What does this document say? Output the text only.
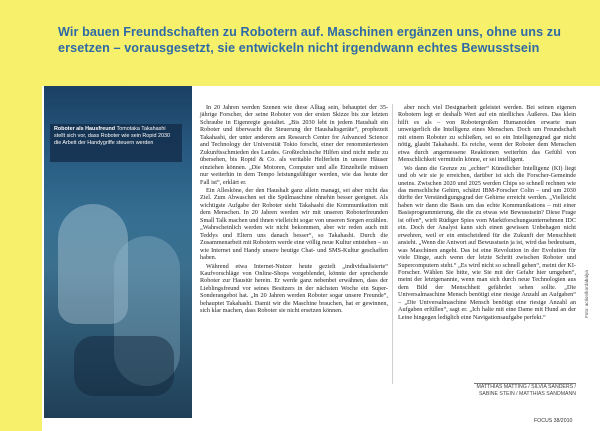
Wir bauen Freundschaften zu Robotern auf. Maschinen ergänzen uns, ohne uns zu ersetzen – vorausgesetzt, sie entwickeln nicht irgendwann echtes Bewusstsein

Roboter als Hausfreund Tomotaka Takahashi stellt sich vor, dass Roboter wie sein Ropid 2030 die Arbeit der Handygriffe steuern werden

In 20 Jahren werden Szenen wie diese Alltag sein, behauptet der 35-jährige Forscher, der seine Roboter von der ersten Skizze bis zur letzten Schraube in Eigenregie gestaltet. „Bis 2030 lebt in jedem Haushalt ein Roboter und überwacht die Steuerung der Haushaltsgeräte“, prophezeit Takahashi, der unter anderem am Research Center for Advanced Science and Technology der Universität Tokio forscht, einer der renommiertesten Zukunftsschmieden des Landes. Großtechnische Hilfen sind nicht mehr zu übersehen, bis Ropid & Co. als veritable Helferlein in unsere Häuser einziehen können. „Die Motoren, Computer und alle Einzelteile müssen nur weiterhin in dem Tempo leistungsfähiger werden, wie das heute der Fall ist“, erklärt er.

Ein Allesköne, der den Haushalt ganz allein managt, sei aber nicht das Ziel. Zum Abwaschen sei die Spülmaschine ohnehin besser geeignet. Als wichtigste Aufgabe der Roboter sieht Takahashi die Kommunikation mit dem Menschen. In 20 Jahren werden wir mit unseren Roboterfreunden Small Talk machen und ihnen vielleicht sogar von unseren Sorgen erzählen. „Wahrscheinlich werden wir nicht bekommen, aber wir reden auch mit Teddys und Eltern uns danach besser“, so Takahashi. Durch die Zusammenarbeit mit Robotern werde eine völlig neue Kultur entstehen – so wie Internet und Handy unsere heutige Chat- und SMS-Kultur geschaffen haben.

Während etwa Internet-Nutzer heute gezielt „individualisierte“ Kaufvorschläge von Online-Shops vorgeblendet, könnte der sprechende Roboter zur Haustür herein. Er werde ganz nebenbei erwähnen, dass der Lieblingsfreund vor seines Besitzers in der nächsten Woche ein Super-Sonderangebot hat. „In 20 Jahren werden Roboter sogar unsere Freunde“, behauptet Takahashi. Damit wir die Maschine brauchen, hat er gewinnen, sich klar machen, dass Roboter sie nicht ersetzen können.

aber noch viel Designarbeit geleistet werden. Bei seinen eigenen Robotern legt er deshalb Wert auf ein niedliches Äußeres. Das klein hilft es als – von Robotergroßen Humanoiden erwarte man unweigerlich die Intelligenz eines Menschen. Doch um Freundschaft mit einem Roboter zu schließen, sei so ein Intelligenzgrad gar nicht nötig, glaubt Takahashi. Es reiche, wenn der Roboter dem Menschen etwa durch angemessene Reaktionen weiterhin das Gefühl von Menschlichkeit vermitteln könne, er sei intelligent.

Wo dann die Grenze zu „echter“ Künstlicher Intelligenz (KI) liegt und ob wir sie je erreichen, darüber ist sich die Forscher-Gemeinde uneins. Zwischen 2020 und 2025 werden Chips so schnell rechnen wie das menschliche Gehirn, schätzt IBM-Forscher Colin – und um 2030 dürfte der Verständigungsgrad der Gehirne erreicht werden. „Vielleicht haben wir dann die Basis um das echte Kommunikations – mit einer Basisprogrammierung, die die zu etwas wie Bewusstsein? Diese Frage ist offen“, wirft Rüdiger Spies vom Marktforschungsunternehmen IDC ein. Doch der Analyst kann sich einen gewissen Unbehagen nicht erwehren, weil er ein entscheidend für die Zukunft der Menschheit ansieht. „Wenn die Antwort auf Bewusstsein ja ist, wird das bedeutsam, was Maschinen angeht. Das ist eine Revolution in der Evolution für viele Dinge, auch wenn der letzte Schritt zwischen Roboter und Supercomputern steht.“ „Es wird nicht so schnell gehen“, meint der KI-Forscher. Wählen Sie bitte, wie Sie mit der Gefahr hier umgehen“, meint der letztgenannte, wenn man sich durch neue Technologien aus dem Bild der Menschheit gefährdet sehen sollte. „Die Universalmaschine Mensch benötigt eine riesige Anzahl an Aufgaben“ – „Die Universalmaschine Mensch benötigt eine riesige Anzahl an Aufgaben erfüllen“, sagt er. „Ich halte mit eine Dame mit Hund an der Leine hingegen lediglich eine Navigationsaufgabe perfekt.“

MATTHIAS MATTING / SILVIA SANDERS /
SABINE STEIN / MATTHIAS SANDMANN

Foto: action/kordabalya

FOCUS 38/2010
